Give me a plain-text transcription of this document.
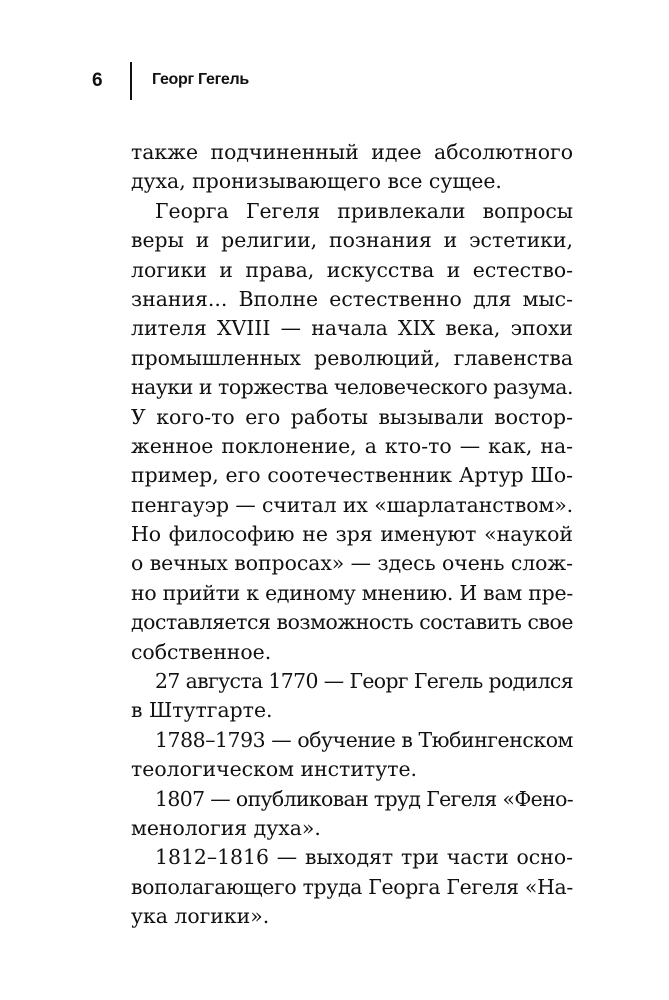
6	Георг Гегель
также подчиненный идее абсолютного
духа, пронизывающего все сущее.
Георга Гегеля привлекали вопросы
веры и религии, познания и эстетики,
логики и права, искусства и естество-
знания... Вполне естественно для мыс-
лителя XVIII — начала XIX века, эпохи
промышленных революций, главенства
науки и торжества человеческого разума.
У кого-то его работы вызывали востор-
женное поклонение, а кто-то — как, на-
пример, его соотечественник Артур Шо-
пенгауэр — считал их «шарлатанством».
Но философию не зря именуют «наукой
о вечных вопросах» — здесь очень слож-
но прийти к единому мнению. И вам пре-
доставляется возможность составить свое
собственное.
27 августа 1770 — Георг Гегель родился
в Штутгарте.
1788–1793 — обучение в Тюбингенском
теологическом институте.
1807 — опубликован труд Гегеля «Фено-
менология духа».
1812–1816 — выходят три части осно-
вополагающего труда Георга Гегеля «На-
ука логики».
